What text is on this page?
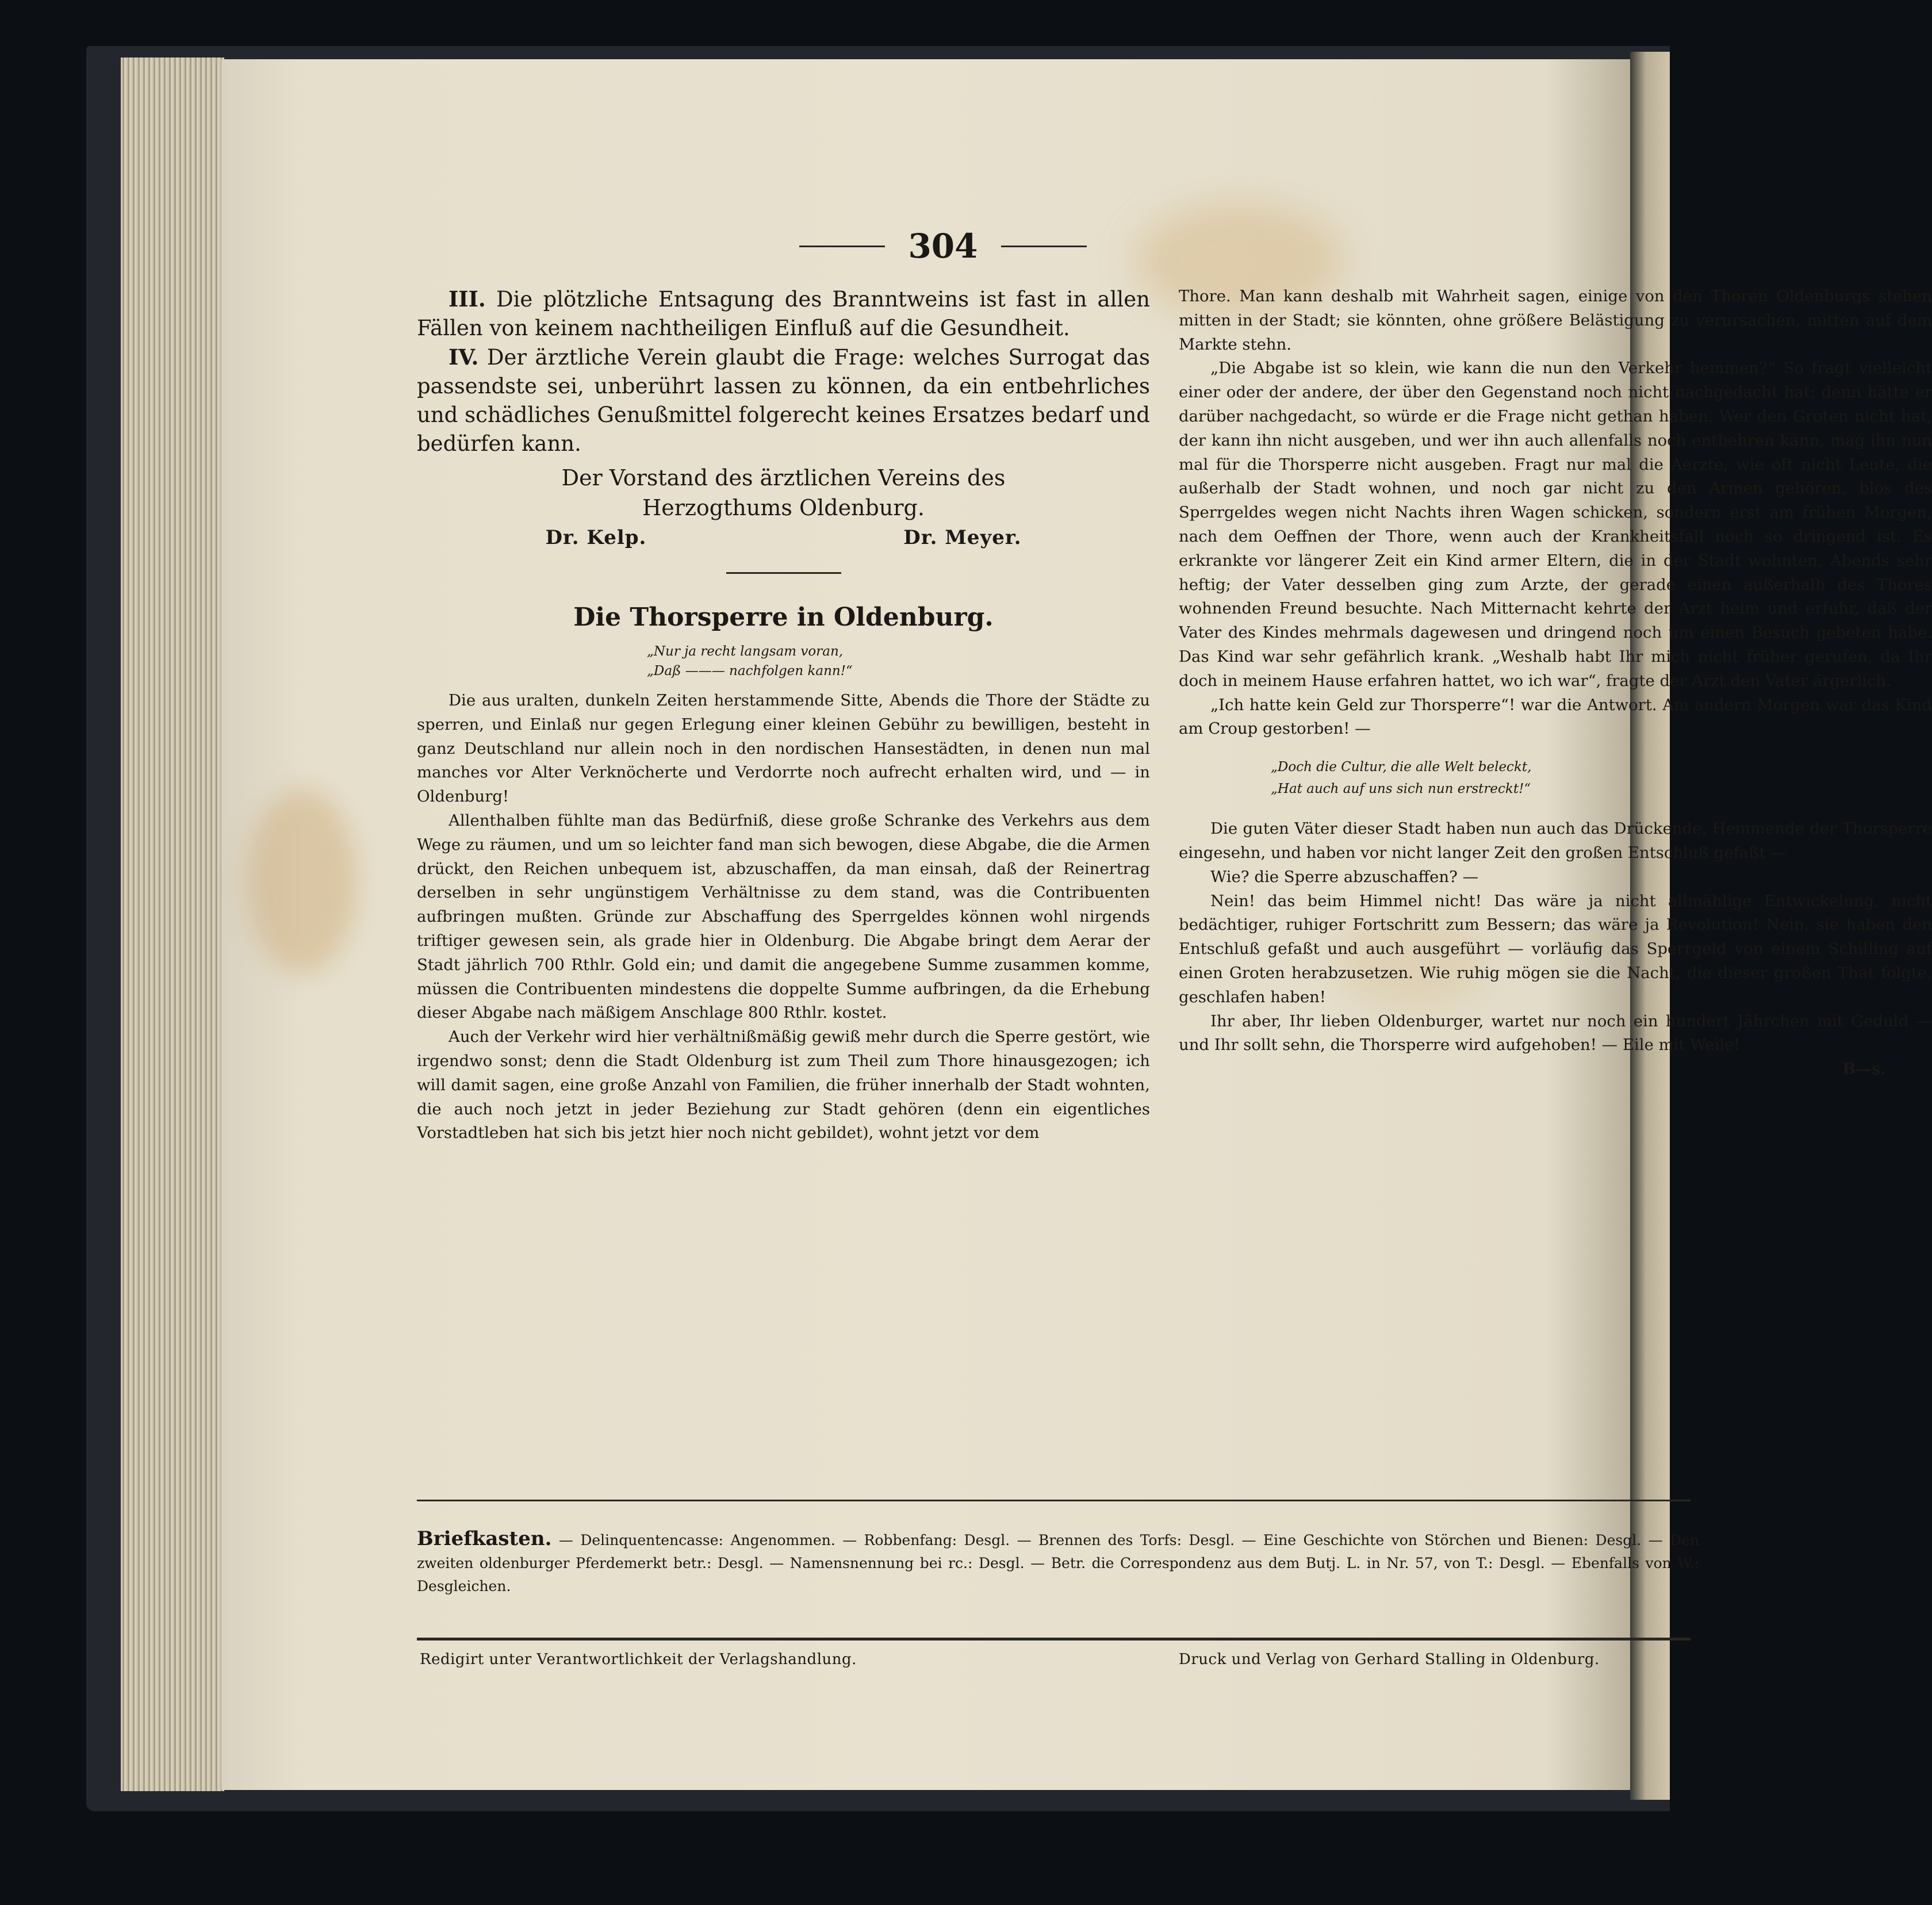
304

III. Die plötzliche Entsagung des Branntweins ist fast in allen Fällen von keinem nachtheiligen Einfluß auf die Gesundheit.

IV. Der ärztliche Verein glaubt die Frage: welches Surrogat das passendste sei, unberührt lassen zu können, da ein entbehrliches und schädliches Genußmittel folgerecht keines Ersatzes bedarf und bedürfen kann.

Der Vorstand des ärztlichen Vereins des

Herzogthums Oldenburg.

Dr. Kelp.	Dr. Meyer.

Die Thorsperre in Oldenburg.

„Nur ja recht langsam voran,

„Daß ——— nachfolgen kann!“

Die aus uralten, dunkeln Zeiten herstammende Sitte, Abends die Thore der Städte zu sperren, und Einlaß nur gegen Erlegung einer kleinen Gebühr zu bewilligen, besteht in ganz Deutschland nur allein noch in den nordischen Hansestädten, in denen nun mal manches vor Alter Verknöcherte und Verdorrte noch aufrecht erhalten wird, und — in Oldenburg!

Allenthalben fühlte man das Bedürfniß, diese große Schranke des Verkehrs aus dem Wege zu räumen, und um so leichter fand man sich bewogen, diese Abgabe, die die Armen drückt, den Reichen unbequem ist, abzuschaffen, da man einsah, daß der Reinertrag derselben in sehr ungünstigem Verhältnisse zu dem stand, was die Contribuenten aufbringen mußten. Gründe zur Abschaffung des Sperrgeldes können wohl nirgends triftiger gewesen sein, als grade hier in Oldenburg. Die Abgabe bringt dem Aerar der Stadt jährlich 700 Rthlr. Gold ein; und damit die angegebene Summe zusammen komme, müssen die Contribuenten mindestens die doppelte Summe aufbringen, da die Erhebung dieser Abgabe nach mäßigem Anschlage 800 Rthlr. kostet.

Auch der Verkehr wird hier verhältnißmäßig gewiß mehr durch die Sperre gestört, wie irgendwo sonst; denn die Stadt Oldenburg ist zum Theil zum Thore hinausgezogen; ich will damit sagen, eine große Anzahl von Familien, die früher innerhalb der Stadt wohnten, die auch noch jetzt in jeder Beziehung zur Stadt gehören (denn ein eigentliches Vorstadtleben hat sich bis jetzt hier noch nicht gebildet), wohnt jetzt vor dem

Thore. Man kann deshalb mit Wahrheit sagen, einige von den Thoren Oldenburgs stehen mitten in der Stadt; sie könnten, ohne größere Belästigung zu verursachen, mitten auf dem Markte stehn.

„Die Abgabe ist so klein, wie kann die nun den Verkehr hemmen?“ So fragt vielleicht einer oder der andere, der über den Gegenstand noch nicht nachgedacht hat; denn hätte er darüber nachgedacht, so würde er die Frage nicht gethan haben. Wer den Groten nicht hat, der kann ihn nicht ausgeben, und wer ihn auch allenfalls noch entbehren kann, mag ihn nun mal für die Thorsperre nicht ausgeben. Fragt nur mal die Aerzte, wie oft nicht Leute, die außerhalb der Stadt wohnen, und noch gar nicht zu den Armen gehören, blos des Sperrgeldes wegen nicht Nachts ihren Wagen schicken, sondern erst am frühen Morgen, nach dem Oeffnen der Thore, wenn auch der Krankheitsfall noch so dringend ist. Es erkrankte vor längerer Zeit ein Kind armer Eltern, die in der Stadt wohnten, Abends sehr heftig; der Vater desselben ging zum Arzte, der gerade einen außerhalb des Thores wohnenden Freund besuchte. Nach Mitternacht kehrte der Arzt heim und erfuhr, daß der Vater des Kindes mehrmals dagewesen und dringend noch um einen Besuch gebeten habe. Das Kind war sehr gefährlich krank. „Weshalb habt Ihr mich nicht früher gerufen, da Ihr doch in meinem Hause erfahren hattet, wo ich war“, fragte der Arzt den Vater ärgerlich.

„Ich hatte kein Geld zur Thorsperre“! war die Antwort. Am andern Morgen war das Kind am Croup gestorben! —

„Doch die Cultur, die alle Welt beleckt,

„Hat auch auf uns sich nun erstreckt!“

Die guten Väter dieser Stadt haben nun auch das Drückende, Hemmende der Thorsperre eingesehn, und haben vor nicht langer Zeit den großen Entschluß gefaßt —

Wie? die Sperre abzuschaffen? —

Nein! das beim Himmel nicht! Das wäre ja nicht allmählige Entwickelung, nicht bedächtiger, ruhiger Fortschritt zum Bessern; das wäre ja Revolution! Nein, sie haben den Entschluß gefaßt und auch ausgeführt — vorläufig das Sperrgeld von einem Schilling auf einen Groten herabzusetzen. Wie ruhig mögen sie die Nacht, die dieser großen That folgte, geschlafen haben!

Ihr aber, Ihr lieben Oldenburger, wartet nur noch ein hundert Jährchen mit Geduld — und Ihr sollt sehn, die Thorsperre wird aufgehoben! — Eile mit Weile!

B—s.

Briefkasten. — Delinquentencasse: Angenommen. — Robbenfang: Desgl. — Brennen des Torfs: Desgl. — Eine Geschichte von Störchen und Bienen: Desgl. — Den zweiten oldenburger Pferdemerkt betr.: Desgl. — Namensnennung bei rc.: Desgl. — Betr. die Correspondenz aus dem Butj. L. in Nr. 57, von T.: Desgl. — Ebenfalls von W.: Desgleichen.
Redigirt unter Verantwortlichkeit der Verlagshandlung.	Druck und Verlag von Gerhard Stalling in Oldenburg.
